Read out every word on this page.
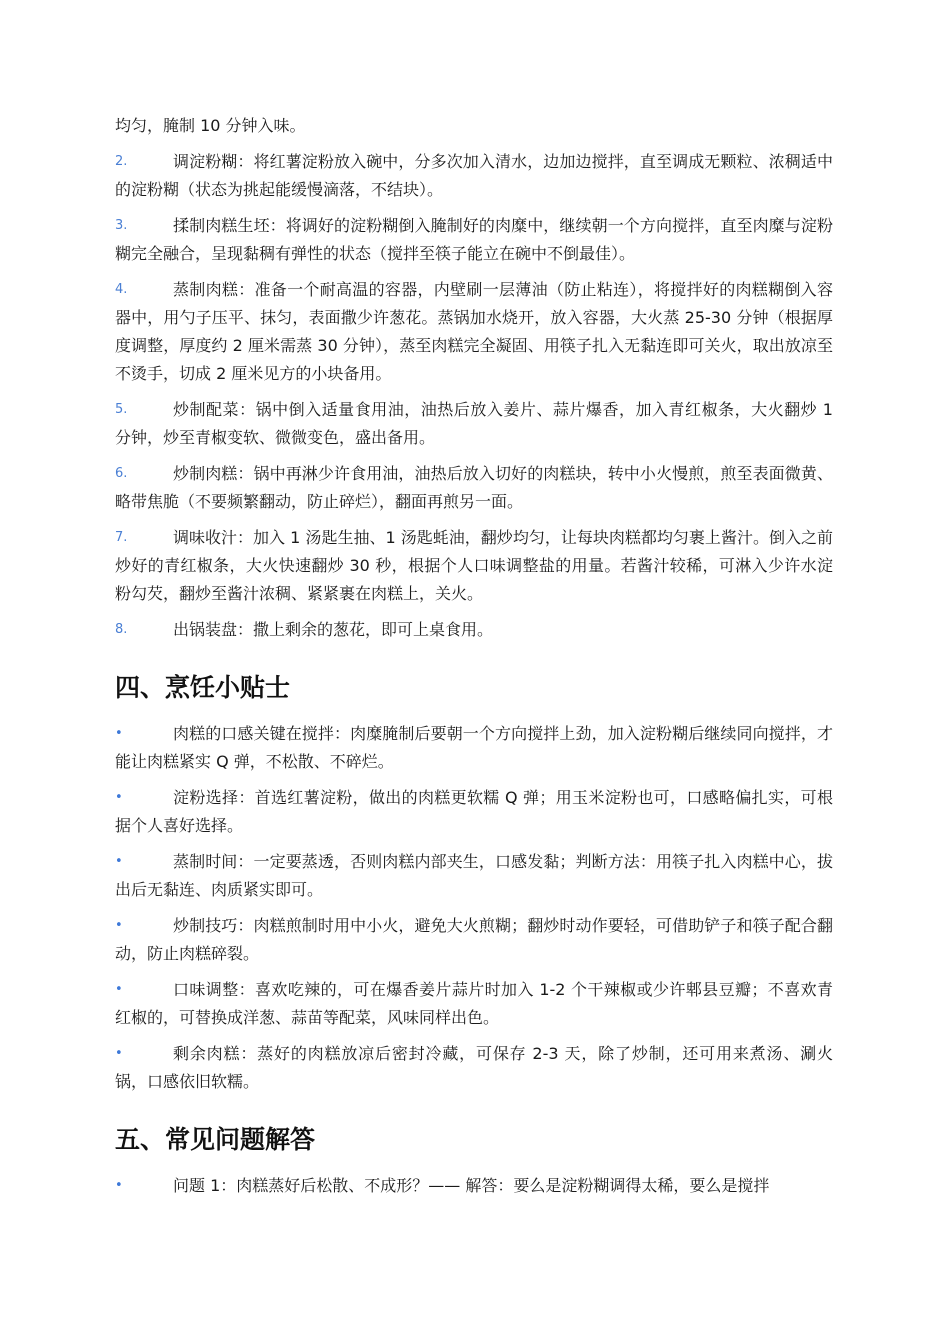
均匀，腌制 10 分钟入味。

2.	调淀粉糊：将红薯淀粉放入碗中，分多次加入清水，边加边搅拌，直至调成无颗粒、浓稠适中的淀粉糊（状态为挑起能缓慢滴落，不结块）。
3.	揉制肉糕生坯：将调好的淀粉糊倒入腌制好的肉糜中，继续朝一个方向搅拌，直至肉糜与淀粉糊完全融合，呈现黏稠有弹性的状态（搅拌至筷子能立在碗中不倒最佳）。
4.	蒸制肉糕：准备一个耐高温的容器，内壁刷一层薄油（防止粘连），将搅拌好的肉糕糊倒入容器中，用勺子压平、抹匀，表面撒少许葱花。蒸锅加水烧开，放入容器，大火蒸 25-30 分钟（根据厚度调整，厚度约 2 厘米需蒸 30 分钟），蒸至肉糕完全凝固、用筷子扎入无黏连即可关火，取出放凉至不烫手，切成 2 厘米见方的小块备用。
5.	炒制配菜：锅中倒入适量食用油，油热后放入姜片、蒜片爆香，加入青红椒条，大火翻炒 1 分钟，炒至青椒变软、微微变色，盛出备用。
6.	炒制肉糕：锅中再淋少许食用油，油热后放入切好的肉糕块，转中小火慢煎，煎至表面微黄、略带焦脆（不要频繁翻动，防止碎烂），翻面再煎另一面。
7.	调味收汁：加入 1 汤匙生抽、1 汤匙蚝油，翻炒均匀，让每块肉糕都均匀裹上酱汁。倒入之前炒好的青红椒条，大火快速翻炒 30 秒，根据个人口味调整盐的用量。若酱汁较稀，可淋入少许水淀粉勾芡，翻炒至酱汁浓稠、紧紧裹在肉糕上，关火。
8.	出锅装盘：撒上剩余的葱花，即可上桌食用。
四、烹饪小贴士
•	肉糕的口感关键在搅拌：肉糜腌制后要朝一个方向搅拌上劲，加入淀粉糊后继续同向搅拌，才能让肉糕紧实 Q 弹，不松散、不碎烂。
•	淀粉选择：首选红薯淀粉，做出的肉糕更软糯 Q 弹；用玉米淀粉也可，口感略偏扎实，可根据个人喜好选择。
•	蒸制时间：一定要蒸透，否则肉糕内部夹生，口感发黏；判断方法：用筷子扎入肉糕中心，拔出后无黏连、肉质紧实即可。
•	炒制技巧：肉糕煎制时用中小火，避免大火煎糊；翻炒时动作要轻，可借助铲子和筷子配合翻动，防止肉糕碎裂。
•	口味调整：喜欢吃辣的，可在爆香姜片蒜片时加入 1-2 个干辣椒或少许郫县豆瓣；不喜欢青红椒的，可替换成洋葱、蒜苗等配菜，风味同样出色。
•	剩余肉糕：蒸好的肉糕放凉后密封冷藏，可保存 2-3 天，除了炒制，还可用来煮汤、涮火锅，口感依旧软糯。
五、常见问题解答
•	问题 1：肉糕蒸好后松散、不成形？—— 解答：要么是淀粉糊调得太稀，要么是搅拌
